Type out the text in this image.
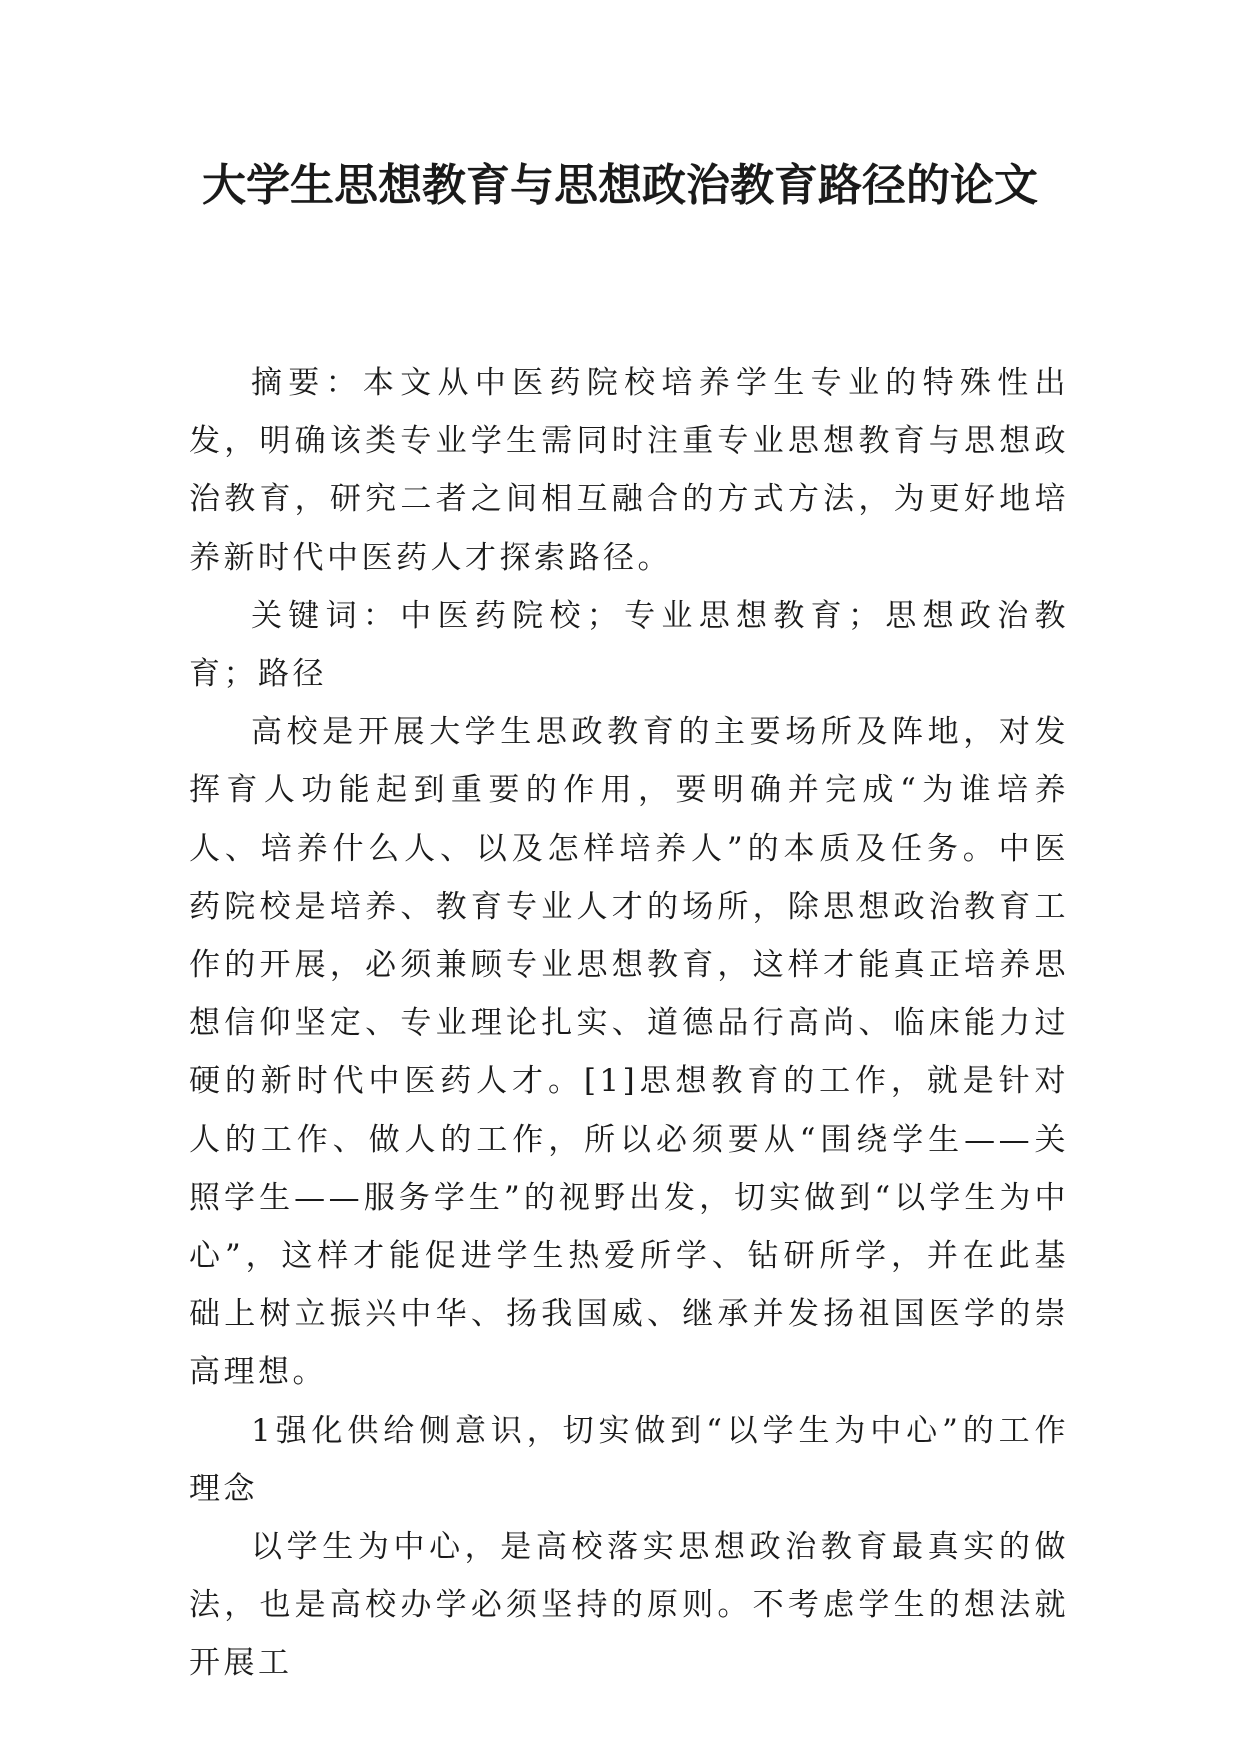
大学生思想教育与思想政治教育路径的论文

摘要：本文从中医药院校培养学生专业的特殊性出发，明确该类专业学生需同时注重专业思想教育与思想政治教育，研究二者之间相互融合的方式方法，为更好地培养新时代中医药人才探索路径。

关键词：中医药院校；专业思想教育；思想政治教育；路径

高校是开展大学生思政教育的主要场所及阵地，对发挥育人功能起到重要的作用，要明确并完成“为谁培养人、培养什么人、以及怎样培养人”的本质及任务。中医药院校是培养、教育专业人才的场所，除思想政治教育工作的开展，必须兼顾专业思想教育，这样才能真正培养思想信仰坚定、专业理论扎实、道德品行高尚、临床能力过硬的新时代中医药人才。[1]思想教育的工作，就是针对人的工作、做人的工作，所以必须要从“围绕学生——关照学生——服务学生”的视野出发，切实做到“以学生为中心”，这样才能促进学生热爱所学、钻研所学，并在此基础上树立振兴中华、扬我国威、继承并发扬祖国医学的崇高理想。

1强化供给侧意识，切实做到“以学生为中心”的工作理念

以学生为中心，是高校落实思想政治教育最真实的做法，也是高校办学必须坚持的原则。不考虑学生的想法就开展工
